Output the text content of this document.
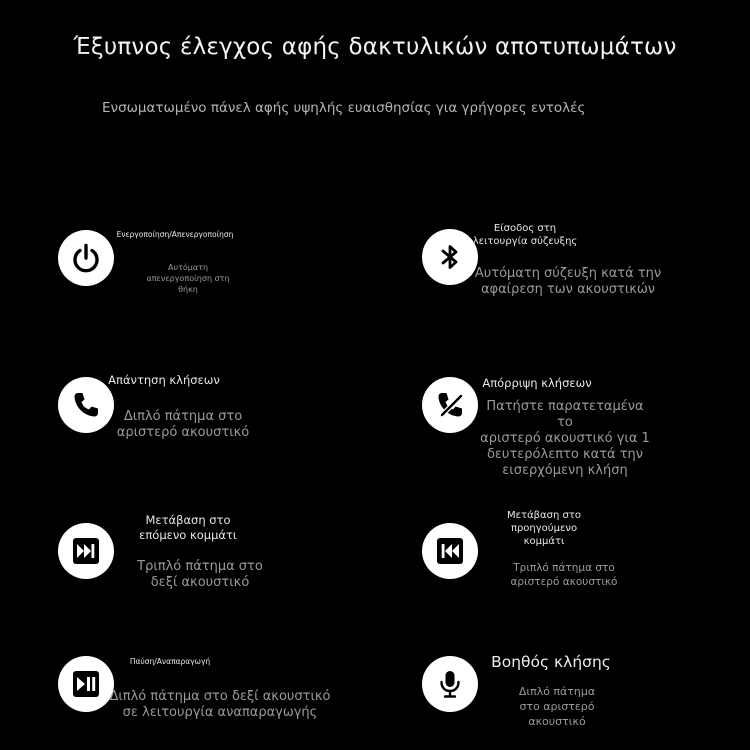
Έξυπνος έλεγχος αφής δακτυλικών αποτυπωμάτων
Ενσωματωμένο πάνελ αφής υψηλής ευαισθησίας για γρήγορες εντολές
Ενεργοποίηση/Απενεργοποίηση
Αυτόματη
απενεργοποίηση στη
θήκη
Είσοδος στη
λειτουργία σύζευξης
Αυτόματη σύζευξη κατά την
αφαίρεση των ακουστικών
Απάντηση κλήσεων
Διπλό πάτημα στο
αριστερό ακουστικό
Απόρριψη κλήσεων
Πατήστε παρατεταμένα το
αριστερό ακουστικό για 1
δευτερόλεπτο κατά την
εισερχόμενη κλήση
Μετάβαση στο
επόμενο κομμάτι
Τριπλό πάτημα στο
δεξί ακουστικό
Μετάβαση στο
προηγούμενο
κομμάτι
Τριπλό πάτημα στο
αριστερό ακουστικό
Παύση/Αναπαραγωγή
Διπλό πάτημα στο δεξί ακουστικό
σε λειτουργία αναπαραγωγής
Βοηθός κλήσης
Διπλό πάτημα
στο αριστερό
ακουστικό
